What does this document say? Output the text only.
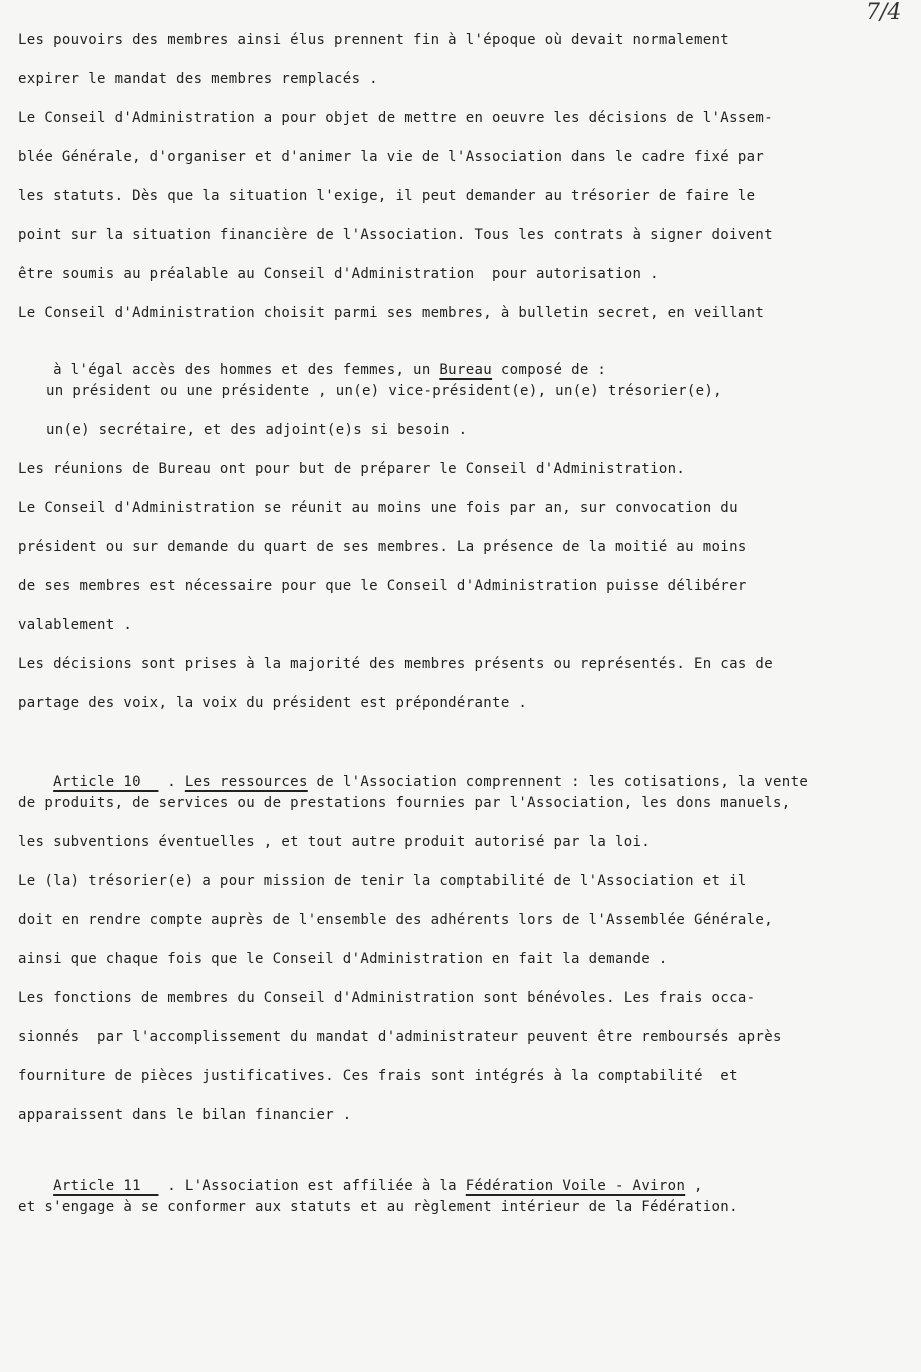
7/4
Les pouvoirs des membres ainsi élus prennent fin à l'époque où devait normalement
expirer le mandat des membres remplacés .
Le Conseil d'Administration a pour objet de mettre en oeuvre les décisions de l'Assem-
blée Générale, d'organiser et d'animer la vie de l'Association dans le cadre fixé par
les statuts. Dès que la situation l'exige, il peut demander au trésorier de faire le
point sur la situation financière de l'Association. Tous les contrats à signer doivent
être soumis au préalable au Conseil d'Administration  pour autorisation .
Le Conseil d'Administration choisit parmi ses membres, à bulletin secret, en veillant

à l'égal accès des hommes et des femmes, un Bureau composé de :

un président ou une présidente , un(e) vice-président(e), un(e) trésorier(e),
un(e) secrétaire, et des adjoint(e)s si besoin .
Les réunions de Bureau ont pour but de préparer le Conseil d'Administration.
Le Conseil d'Administration se réunit au moins une fois par an, sur convocation du
président ou sur demande du quart de ses membres. La présence de la moitié au moins
de ses membres est nécessaire pour que le Conseil d'Administration puisse délibérer
valablement .
Les décisions sont prises à la majorité des membres présents ou représentés. En cas de
partage des voix, la voix du président est prépondérante .

Article 10   . Les ressources de l'Association comprennent : les cotisations, la vente

de produits, de services ou de prestations fournies par l'Association, les dons manuels,
les subventions éventuelles , et tout autre produit autorisé par la loi.
Le (la) trésorier(e) a pour mission de tenir la comptabilité de l'Association et il
doit en rendre compte auprès de l'ensemble des adhérents lors de l'Assemblée Générale,
ainsi que chaque fois que le Conseil d'Administration en fait la demande .
Les fonctions de membres du Conseil d'Administration sont bénévoles. Les frais occa-
sionnés  par l'accomplissement du mandat d'administrateur peuvent être remboursés après
fourniture de pièces justificatives. Ces frais sont intégrés à la comptabilité  et
apparaissent dans le bilan financier .

Article 11   . L'Association est affiliée à la Fédération Voile - Aviron ,

et s'engage à se conformer aux statuts et au règlement intérieur de la Fédération.
